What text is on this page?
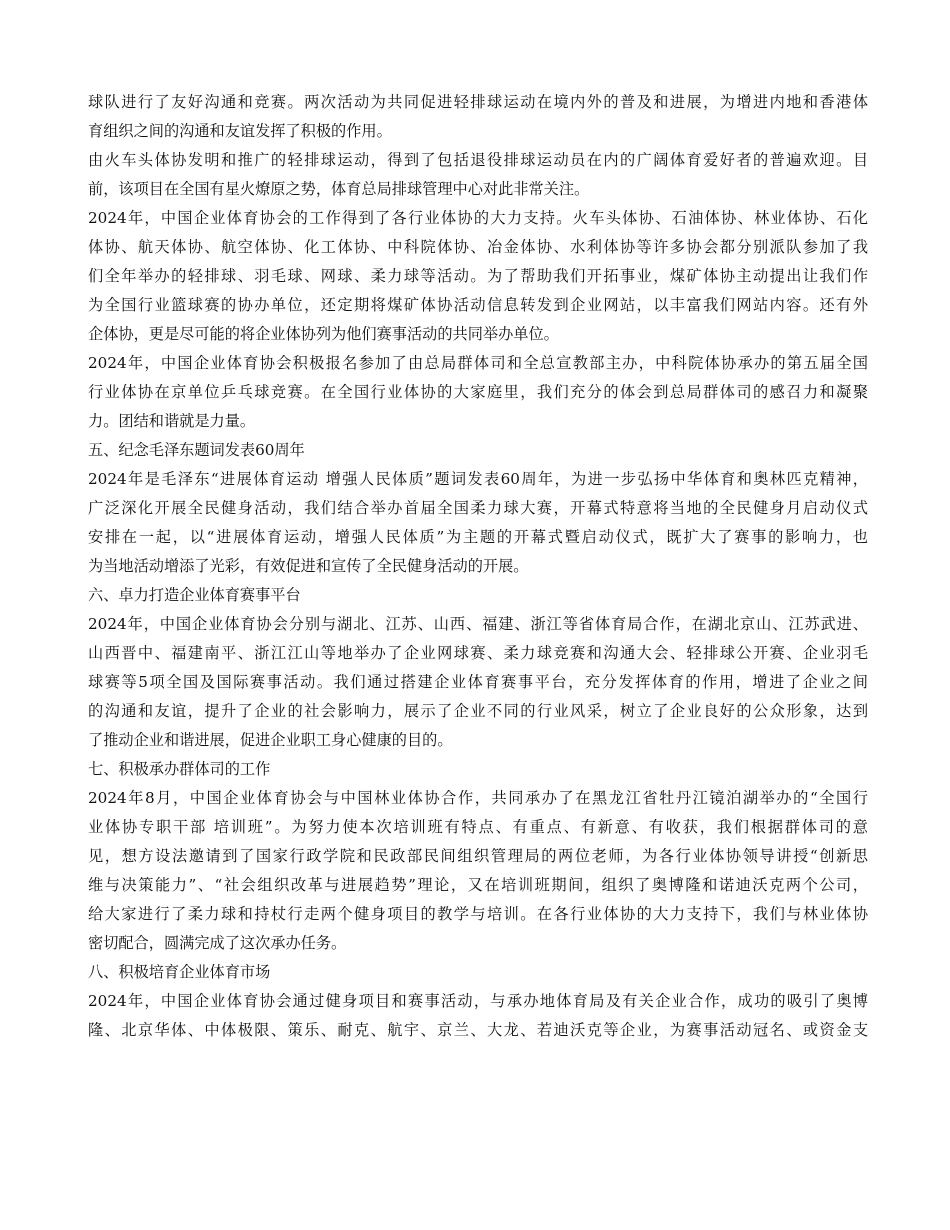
球队进行了友好沟通和竞赛。两次活动为共同促进轻排球运动在境内外的普及和进展，为增进内地和香港体
育组织之间的沟通和友谊发挥了积极的作用。
由火车头体协发明和推广的轻排球运动，得到了包括退役排球运动员在内的广阔体育爱好者的普遍欢迎。目
前，该项目在全国有星火燎原之势，体育总局排球管理中心对此非常关注。
2024年，中国企业体育协会的工作得到了各行业体协的大力支持。火车头体协、石油体协、林业体协、石化
体协、航天体协、航空体协、化工体协、中科院体协、冶金体协、水利体协等许多协会都分别派队参加了我
们全年举办的轻排球、羽毛球、网球、柔力球等活动。为了帮助我们开拓事业，煤矿体协主动提出让我们作
为全国行业篮球赛的协办单位，还定期将煤矿体协活动信息转发到企业网站，以丰富我们网站内容。还有外
企体协，更是尽可能的将企业体协列为他们赛事活动的共同举办单位。
2024年，中国企业体育协会积极报名参加了由总局群体司和全总宣教部主办，中科院体协承办的第五届全国
行业体协在京单位乒乓球竞赛。在全国行业体协的大家庭里，我们充分的体会到总局群体司的感召力和凝聚
力。团结和谐就是力量。
五、纪念毛泽东题词发表60周年
2024年是毛泽东“进展体育运动 增强人民体质”题词发表60周年，为进一步弘扬中华体育和奥林匹克精神，
广泛深化开展全民健身活动，我们结合举办首届全国柔力球大赛，开幕式特意将当地的全民健身月启动仪式
安排在一起，以“进展体育运动，增强人民体质”为主题的开幕式暨启动仪式，既扩大了赛事的影响力，也
为当地活动增添了光彩，有效促进和宣传了全民健身活动的开展。
六、卓力打造企业体育赛事平台
2024年，中国企业体育协会分别与湖北、江苏、山西、福建、浙江等省体育局合作，在湖北京山、江苏武进、
山西晋中、福建南平、浙江江山等地举办了企业网球赛、柔力球竞赛和沟通大会、轻排球公开赛、企业羽毛
球赛等5项全国及国际赛事活动。我们通过搭建企业体育赛事平台，充分发挥体育的作用，增进了企业之间
的沟通和友谊，提升了企业的社会影响力，展示了企业不同的行业风采，树立了企业良好的公众形象，达到
了推动企业和谐进展，促进企业职工身心健康的目的。
七、积极承办群体司的工作
2024年8月，中国企业体育协会与中国林业体协合作，共同承办了在黑龙江省牡丹江镜泊湖举办的“全国行
业体协专职干部 培训班”。为努力使本次培训班有特点、有重点、有新意、有收获，我们根据群体司的意
见，想方设法邀请到了国家行政学院和民政部民间组织管理局的两位老师，为各行业体协领导讲授“创新思
维与决策能力”、“社会组织改革与进展趋势”理论，又在培训班期间，组织了奥博隆和诺迪沃克两个公司，
给大家进行了柔力球和持杖行走两个健身项目的教学与培训。在各行业体协的大力支持下，我们与林业体协
密切配合，圆满完成了这次承办任务。
八、积极培育企业体育市场
2024年，中国企业体育协会通过健身项目和赛事活动，与承办地体育局及有关企业合作，成功的吸引了奥博
隆、北京华体、中体极限、策乐、耐克、航宇、京兰、大龙、若迪沃克等企业，为赛事活动冠名、或资金支
